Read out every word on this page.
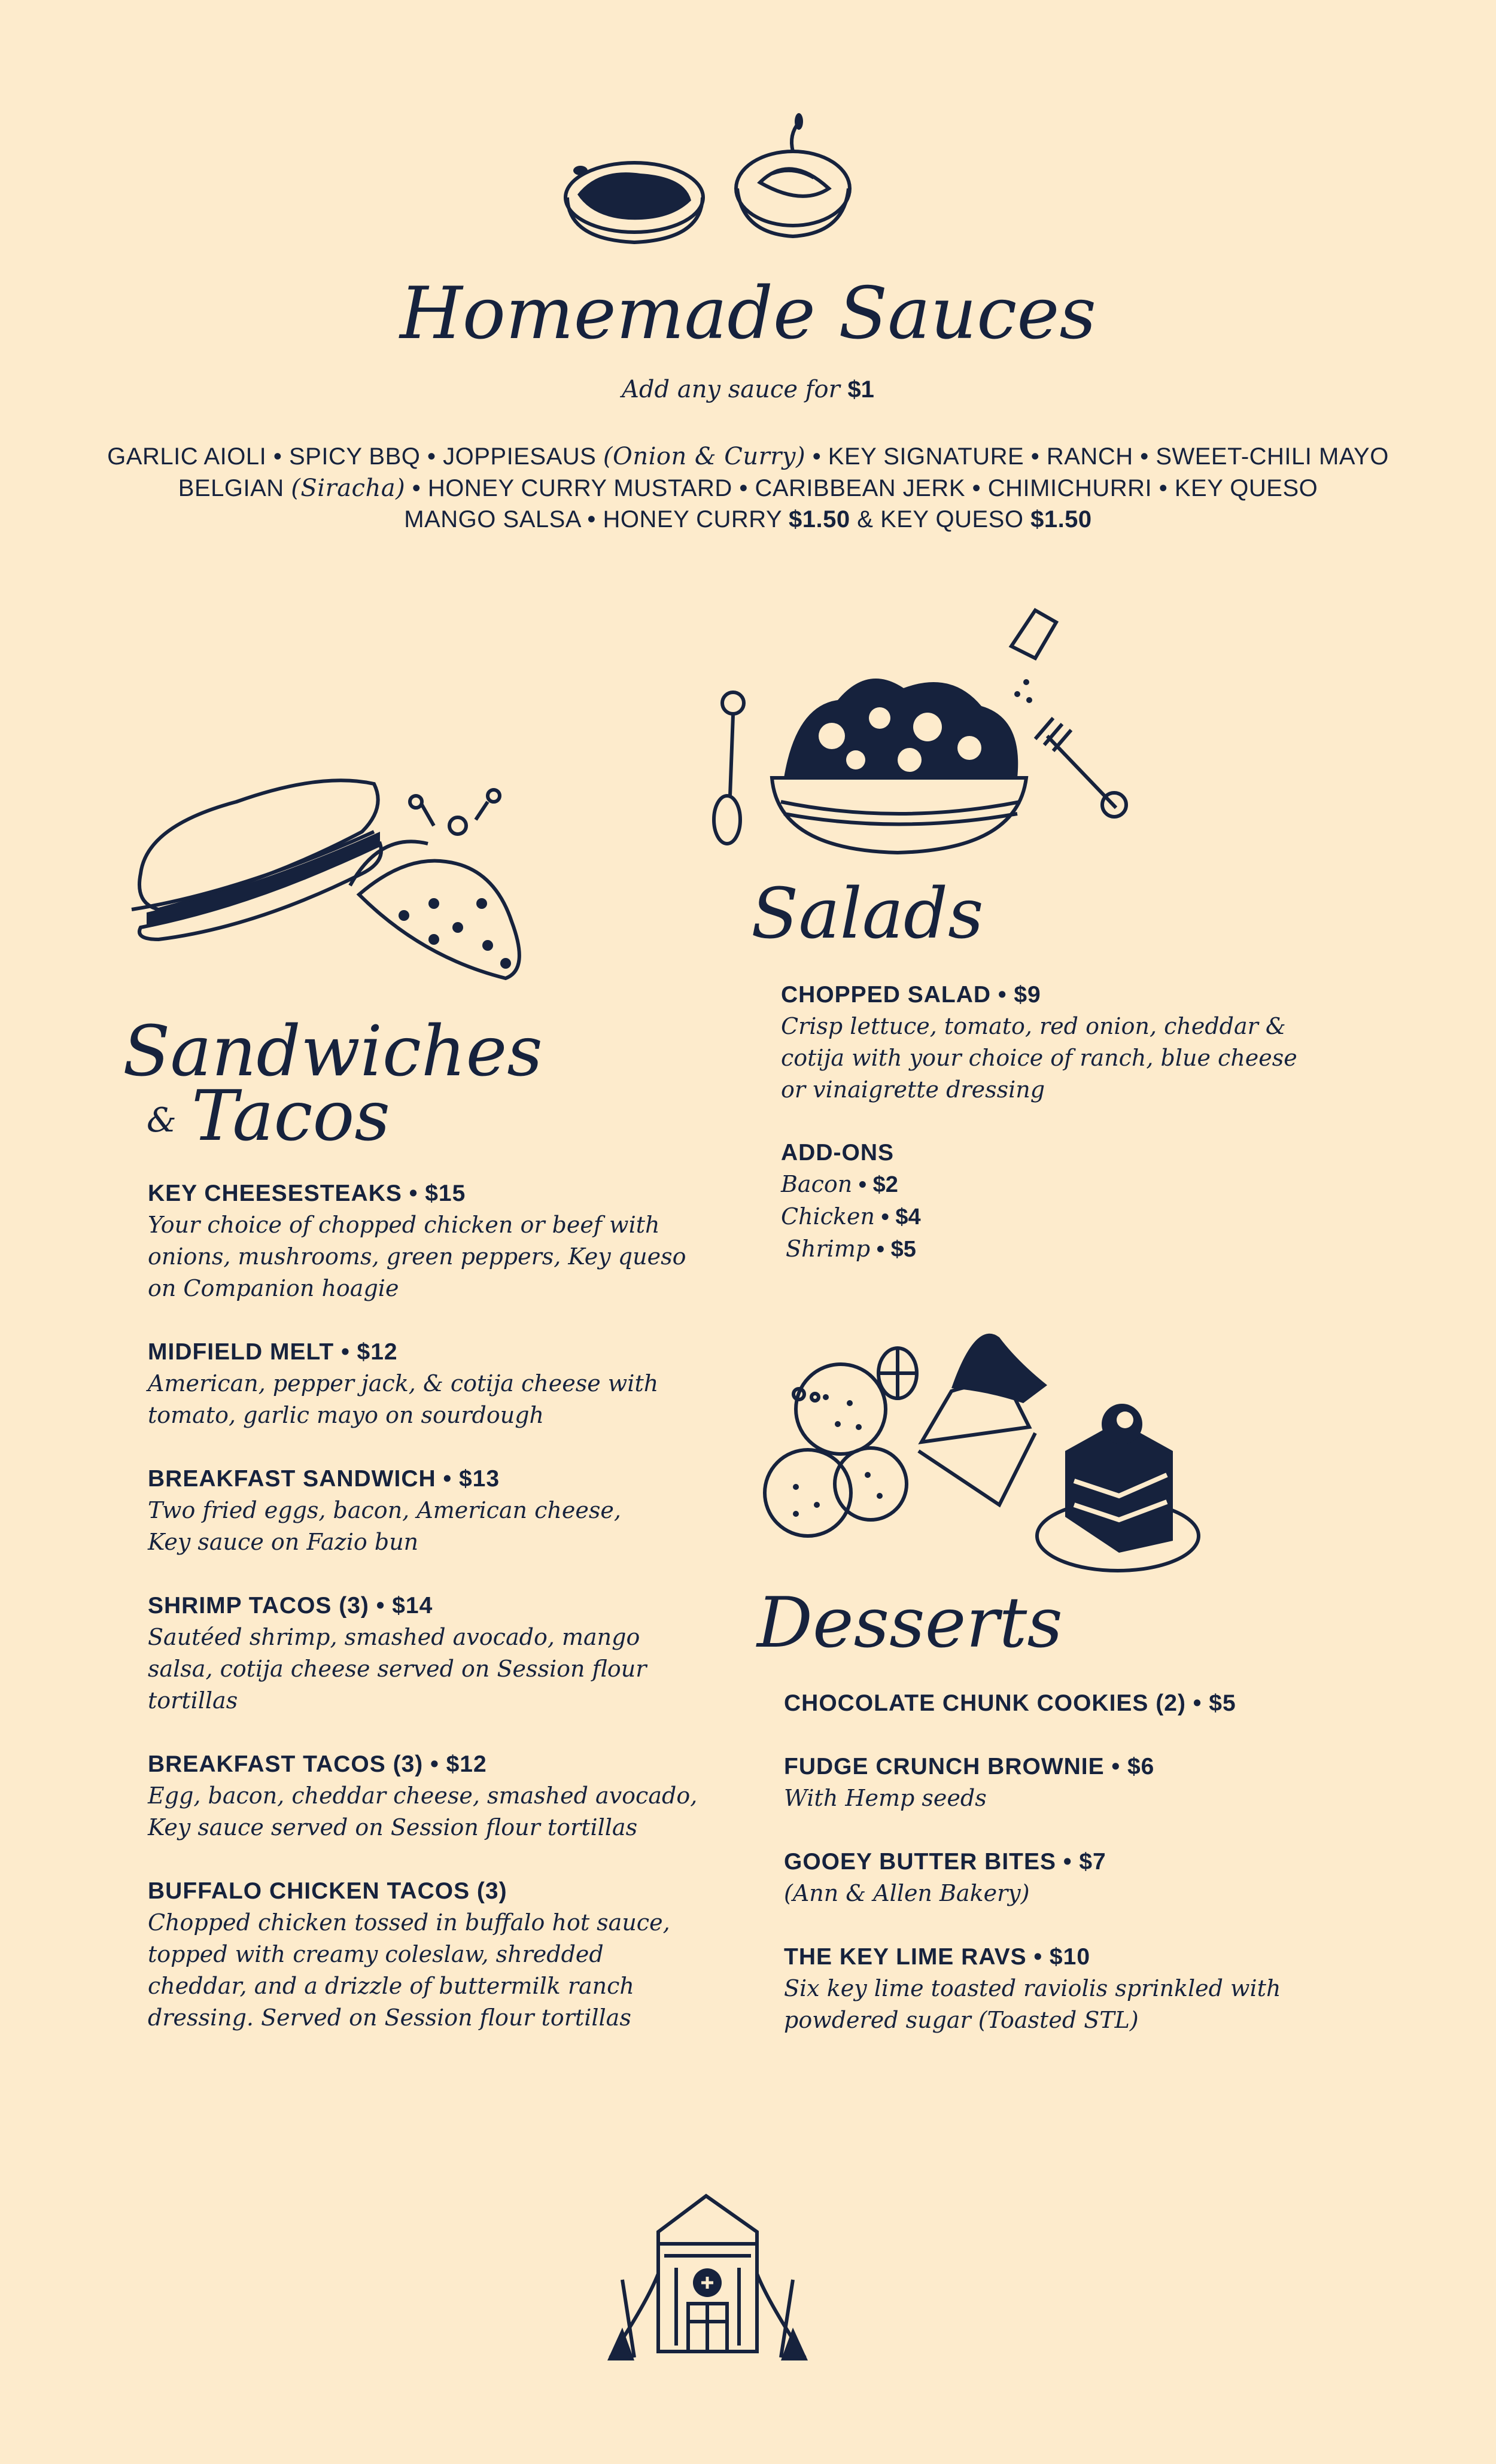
Homemade Sauces
Add any sauce for $1
GARLIC AIOLI • SPICY BBQ • JOPPIESAUS (Onion & Curry) • KEY SIGNATURE • RANCH • SWEET-CHILI MAYO
BELGIAN (Siracha) • HONEY CURRY MUSTARD • CARIBBEAN JERK • CHIMICHURRI • KEY QUESO
MANGO SALSA • HONEY CURRY $1.50 & KEY QUESO $1.50
Salads
CHOPPED SALAD • $9
Crisp lettuce, tomato, red onion, cheddar &
cotija with your choice of ranch, blue cheese
or vinaigrette dressing
ADD-ONS
Bacon • $2
Chicken • $4
Shrimp • $5
Sandwiches
& Tacos
KEY CHEESESTEAKS • $15
Your choice of chopped chicken or beef with
onions, mushrooms, green peppers, Key queso
on Companion hoagie
MIDFIELD MELT • $12
American, pepper jack, & cotija cheese with
tomato, garlic mayo on sourdough
BREAKFAST SANDWICH • $13
Two fried eggs, bacon, American cheese,
Key sauce on Fazio bun
SHRIMP TACOS (3) • $14
Sautéed shrimp, smashed avocado, mango
salsa, cotija cheese served on Session flour
tortillas
BREAKFAST TACOS (3) • $12
Egg, bacon, cheddar cheese, smashed avocado,
Key sauce served on Session flour tortillas
BUFFALO CHICKEN TACOS (3)
Chopped chicken tossed in buffalo hot sauce,
topped with creamy coleslaw, shredded
cheddar, and a drizzle of buttermilk ranch
dressing. Served on Session flour tortillas
Desserts
CHOCOLATE CHUNK COOKIES (2) • $5
FUDGE CRUNCH BROWNIE • $6
With Hemp seeds
GOOEY BUTTER BITES • $7
(Ann & Allen Bakery)
THE KEY LIME RAVS • $10
Six key lime toasted raviolis sprinkled with
powdered sugar (Toasted STL)
